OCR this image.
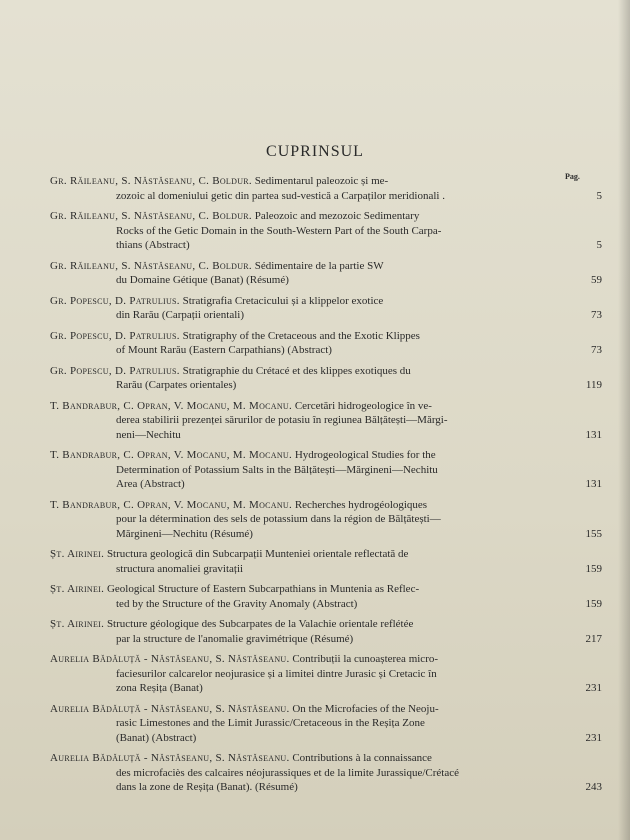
CUPRINSUL
Pag.
Gr. Răileanu, S. Năstăseanu, C. Boldur. Sedimentarul paleozoic și me-
zozoic al domeniului getic din partea sud-vestică a Carpaților meridionali .	5
Gr. Răileanu, S. Năstăseanu, C. Boldur. Paleozoic and mezozoic Sedimentary
Rocks of the Getic Domain in the South-Western Part of the South Carpa-
thians (Abstract)	5
Gr. Răileanu, S. Năstăseanu, C. Boldur. Sédimentaire de la partie SW
du Domaine Gétique (Banat) (Résumé)	59
Gr. Popescu, D. Patrulius. Stratigrafia Cretacicului și a klippelor exotice
din Rarău (Carpații orientali)	73
Gr. Popescu, D. Patrulius. Stratigraphy of the Cretaceous and the Exotic Klippes
of Mount Rarău (Eastern Carpathians) (Abstract)	73
Gr. Popescu, D. Patrulius. Stratigraphie du Crétacé et des klippes exotiques du
Rarău (Carpates orientales)	119
T. Bandrabur, C. Opran, V. Mocanu, M. Mocanu. Cercetări hidrogeologice în ve-
derea stabilirii prezenței sărurilor de potasiu în regiunea Bălțătești—Mărgi-
neni—Nechitu	131
T. Bandrabur, C. Opran, V. Mocanu, M. Mocanu. Hydrogeological Studies for the
Determination of Potassium Salts in the Bălțătești—Mărgineni—Nechitu
Area (Abstract)	131
T. Bandrabur, C. Opran, V. Mocanu, M. Mocanu. Recherches hydrogéologiques
pour la détermination des sels de potassium dans la région de Bălțătești—
Mărgineni—Nechitu (Résumé)	155
Șt. Airinei. Structura geologică din Subcarpații Munteniei orientale reflectată de
structura anomaliei gravitații	159
Șt. Airinei. Geological Structure of Eastern Subcarpathians in Muntenia as Reflec-
ted by the Structure of the Gravity Anomaly (Abstract)	159
Șt. Airinei. Structure géologique des Subcarpates de la Valachie orientale reflétée
par la structure de l'anomalie gravimétrique (Résumé)	217
Aurelia Bădăluță - Năstăseanu, S. Năstăseanu. Contribuții la cunoașterea micro-
faciesurilor calcarelor neojurasice și a limitei dintre Jurasic și Cretacic în
zona Reșița (Banat)	231
Aurelia Bădăluță - Năstăseanu, S. Năstăseanu. On the Microfacies of the Neoju-
rasic Limestones and the Limit Jurassic/Cretaceous in the Reșița Zone
(Banat) (Abstract)	231
Aurelia Bădăluță - Năstăseanu, S. Năstăseanu. Contributions à la connaissance
des microfaciès des calcaires néojurassiques et de la limite Jurassique/Crétacé
dans la zone de Reșița (Banat). (Résumé)	243
